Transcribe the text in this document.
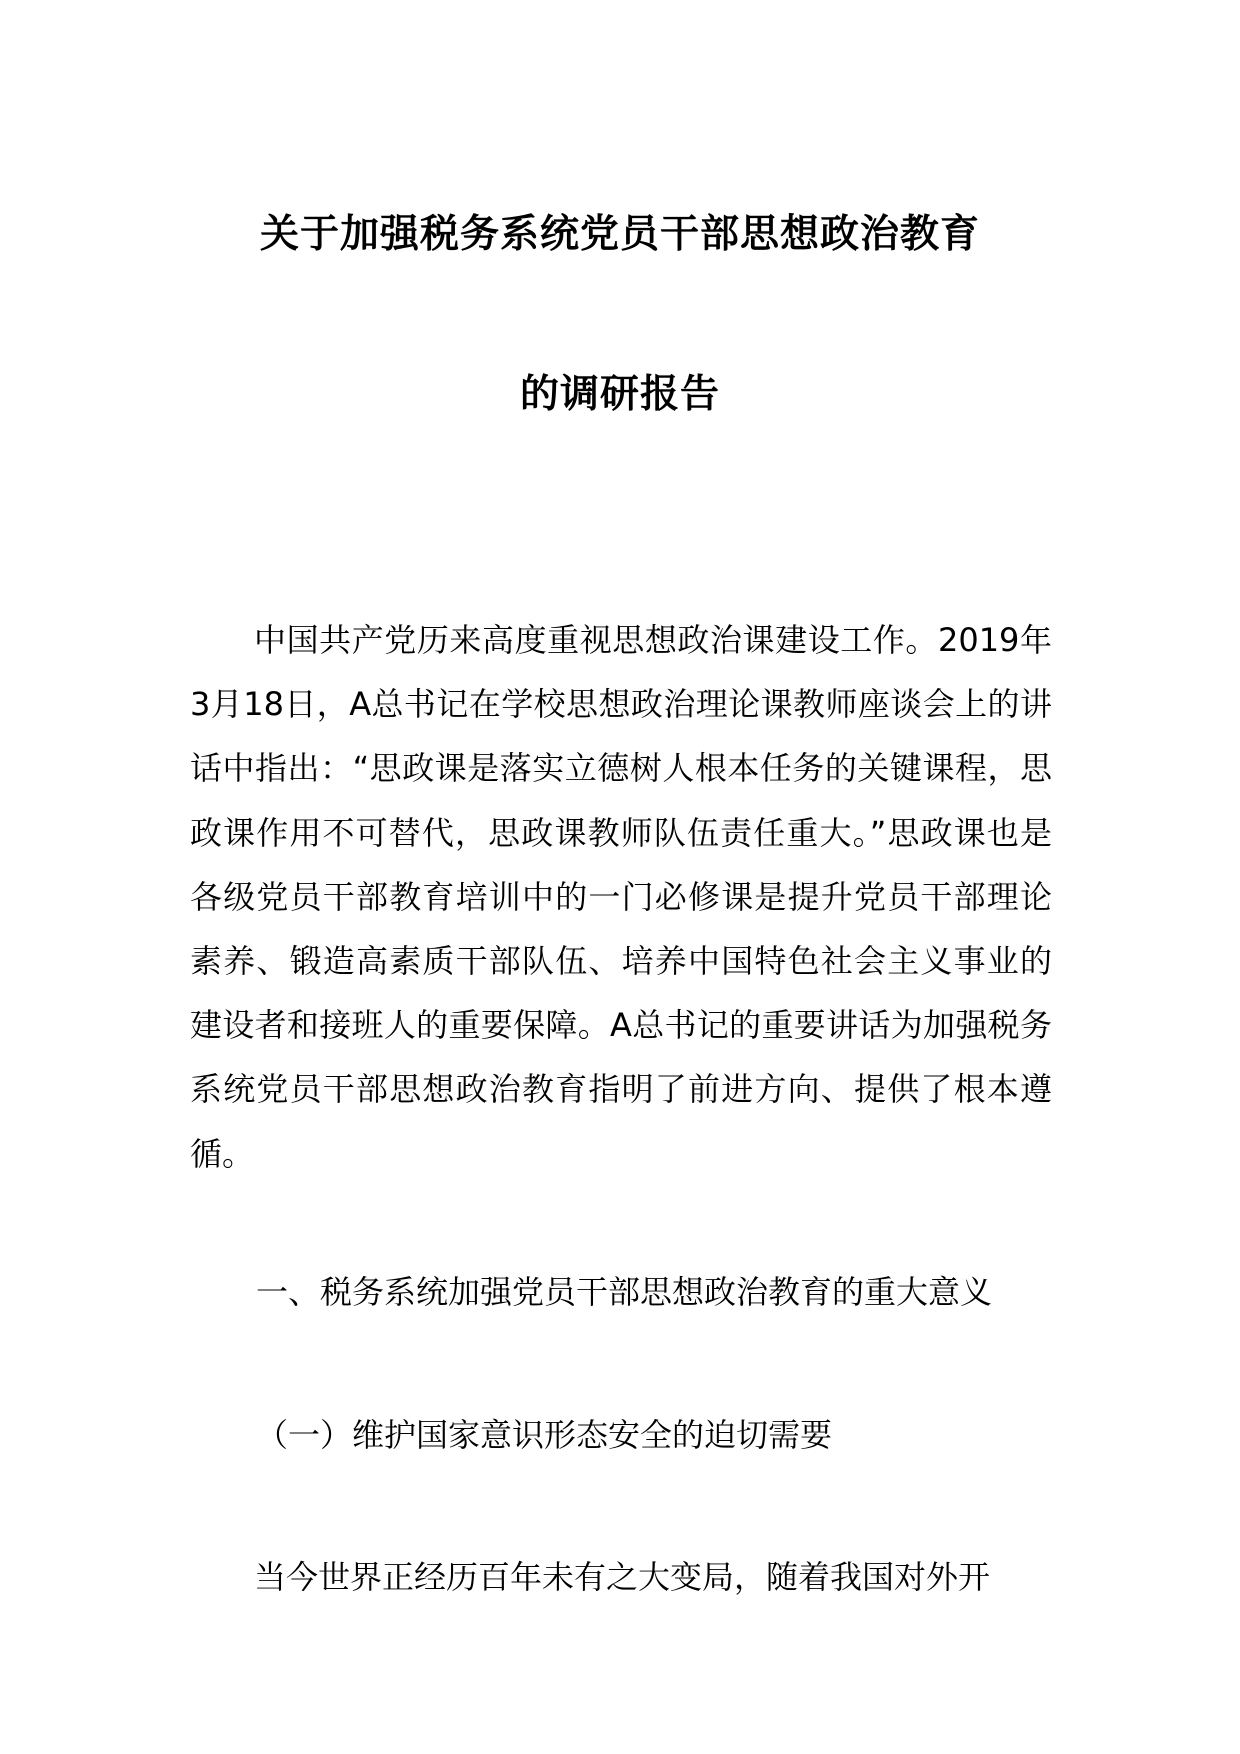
关于加强税务系统党员干部思想政治教育
的调研报告

中国共产党历来高度重视思想政治课建设工作。2019年3月18日，A总书记在学校思想政治理论课教师座谈会上的讲话中指出：“思政课是落实立德树人根本任务的关键课程，思政课作用不可替代，思政课教师队伍责任重大。”思政课也是各级党员干部教育培训中的一门必修课是提升党员干部理论素养、锻造高素质干部队伍、培养中国特色社会主义事业的建设者和接班人的重要保障。A总书记的重要讲话为加强税务系统党员干部思想政治教育指明了前进方向、提供了根本遵循。

一、税务系统加强党员干部思想政治教育的重大意义

（一）维护国家意识形态安全的迫切需要

当今世界正经历百年未有之大变局，随着我国对外开
